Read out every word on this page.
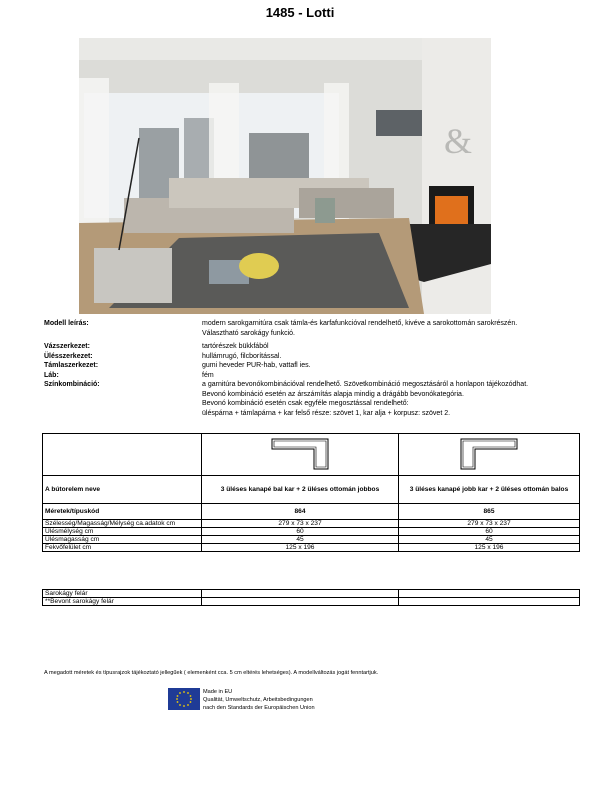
1485 - Lotti
&
Modell leírás:	modern sarokgarnitúra csak támla-és karfafunkcióval rendelhető, kivéve a sarokottomán sarokrészén.
Választható sarokágy funkció.
Vázszerkezet:	tartórészek bükkfából
Ülésszerkezet:	hullámrugó, filcborítással.
Támlaszerkezet:	gumi heveder PUR-hab, vattafl ies.
Láb:	fém
Színkombináció:	a garnitúra bevonókombinációval rendelhető. Szövetkombináció megosztásáról a honlapon tájékozódhat.
Bevonó kombináció esetén az árszámítás alapja mindig a drágább bevonókategória.
Bevonó kombináció esetén csak egyféle megosztással rendelhető:
üléspárna + támlapárna + kar felső része: szövet 1, kar alja + korpusz: szövet 2.

A bútorelem neve	3 üléses kanapé bal kar + 2 üléses ottomán jobbos	3 üléses kanapé jobb kar + 2 üléses ottomán balos
Méretek/típuskód	864	865
Szélesség/Magasság/Mélység ca.adatok cm	279 x 73 x 237	279 x 73 x 237
Ülésmélység cm	60	60
Ülésmagasság cm	45	45
Fekvőfelület cm	125 x 196	125 x 196
Sarokágy felár		
**Bevont sarokágy felár		
A megadott méretek és típusrajzok tájékoztató jellegűek ( elemenként cca. 5 cm eltérés lehetséges). A modellváltozás jogát fenntartjuk.
Made in EU
Qualität, Umweltschutz, Arbeitsbedingungen
nach den Standards der Europäischen Union
